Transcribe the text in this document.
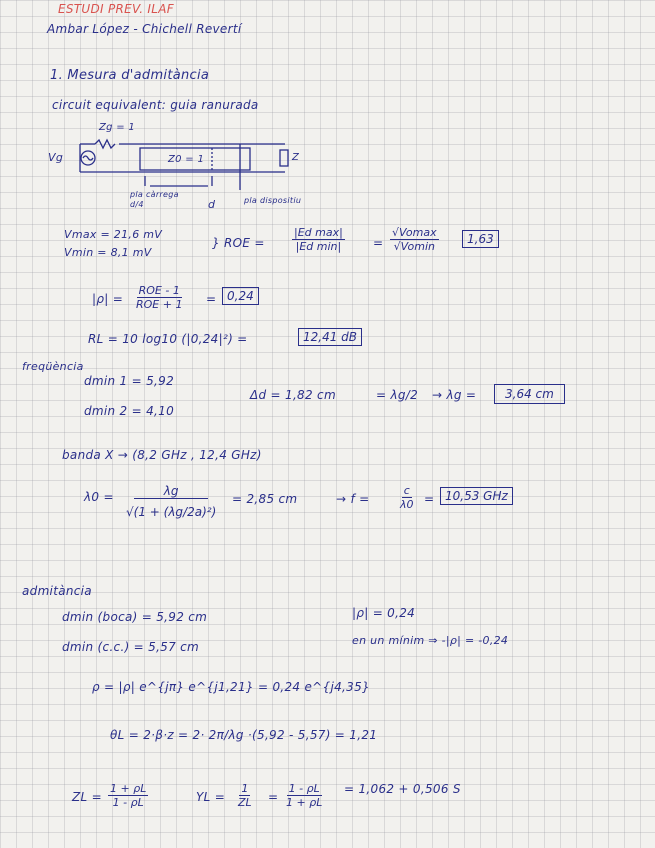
ESTUDI PREV. ILAF
Ambar López - Chichell Revertí
1. Mesura d'admitància
circuit equivalent: guia ranurada
Zg = 1
Vg	Z0 = 1	Z
pla càrrega d/4	d	pla dispositiu
Vmax = 21,6 mV
Vmin = 8,1 mV
} ROE =
|Ed max|
|Ed min|	=
√Vomax
√Vomin
1,63
|ρ| =
ROE - 1
ROE + 1 = 0,24
RL = 10 log10 (|0,24|²) =	12,41 dB
freqüència
dmin 1 = 5,92
dmin 2 = 4,10
Δd = 1,82 cm	= λg/2 → λg =	3,64 cm
banda X → (8,2 GHz , 12,4 GHz)
$\lambda 0 = \frac{\lambda g}{\text{√(1 + (λg/2a)²)}} = 2,85$ cm	→ f =	$\frac{c}{\lambda 0} = 10,53$ GHz
admitància
dmin (boca) = 5,92 cm
dmin (c.c.) = 5,57 cm
|ρ| = 0,24
en un mínim ⇒ -|ρ| = -0,24
ρ = |ρ| e^{jπ} e^{j1,21} = 0,24 e^{j4,35}
θL = 2·β·z = 2· 2π/λg ·(5,92 - 5,57) = 1,21
ZL = $\frac{1 + \rho L}{1 - \rho L}$	YL = $\frac{1}{ZL} = \frac{1 - \rho L}{1 + \rho L} = 1,062 + 0,506$ S
